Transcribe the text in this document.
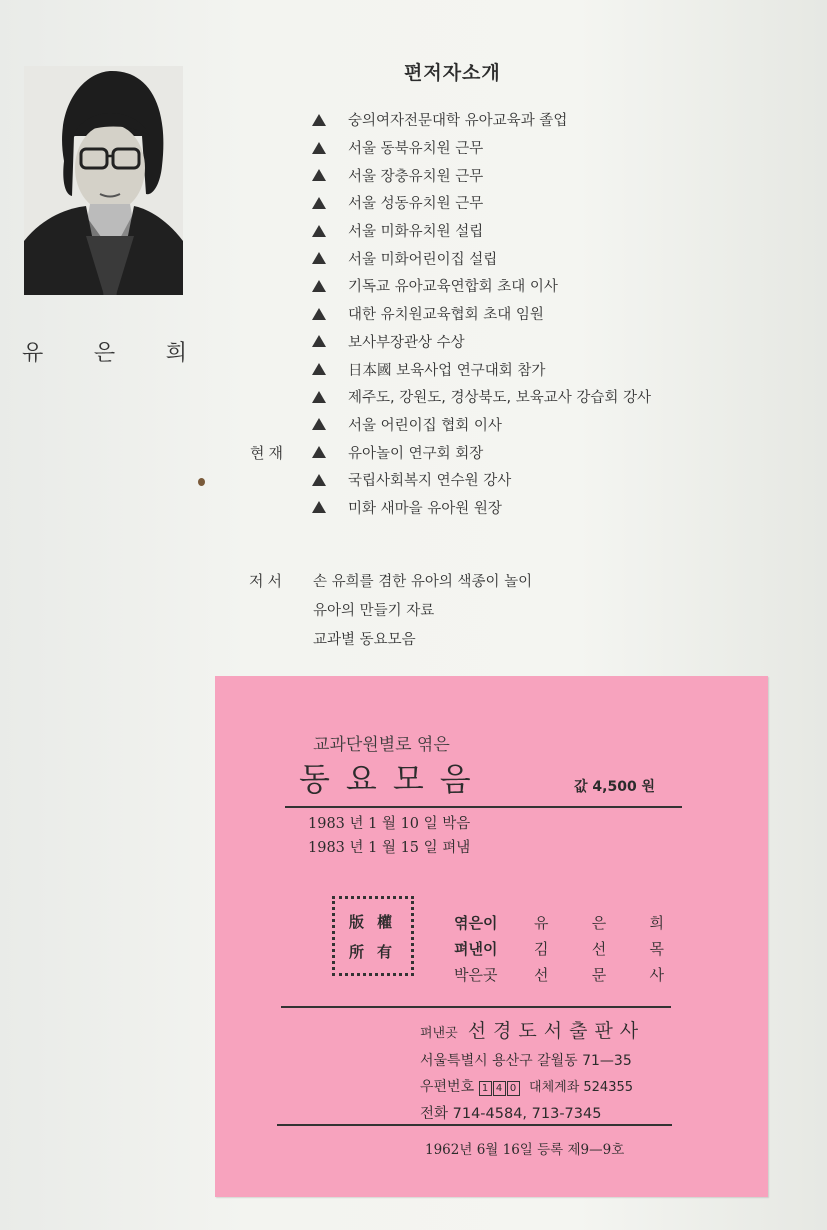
유 은 희
편저자소개
숭의여자전문대학 유아교육과 졸업
서울 동북유치원 근무
서울 장충유치원 근무
서울 성동유치원 근무
서울 미화유치원 설립
서울 미화어린이집 설립
기독교 유아교육연합회 초대 이사
대한 유치원교육협회 초대 임원
보사부장관상 수상
日本國 보육사업 연구대회 참가
제주도, 강원도, 경상북도, 보육교사 강습회 강사
서울 어린이집 협회 이사
현재	유아놀이 연구회 회장
국립사회복지 연수원 강사
미화 새마을 유아원 원장
저서 손 유희를 겸한 유아의 색종이 놀이
유아의 만들기 자료
교과별 동요모음
교과단원별로 엮은
동요모음	값 4,500 원
1983 년 1 월 10 일 박음
1983 년 1 월 15 일 펴냄
版 權
所 有
엮은이	유	은	희
펴낸이	김	선	목
박은곳	선	문	사
펴낸곳 선경도서출판사
서울특별시 용산구 갈월동 71—35
우편번호 1 4 0 대체계좌 524355
전화 714-4584, 713-7345
1962년 6월 16일 등록 제9—9호
